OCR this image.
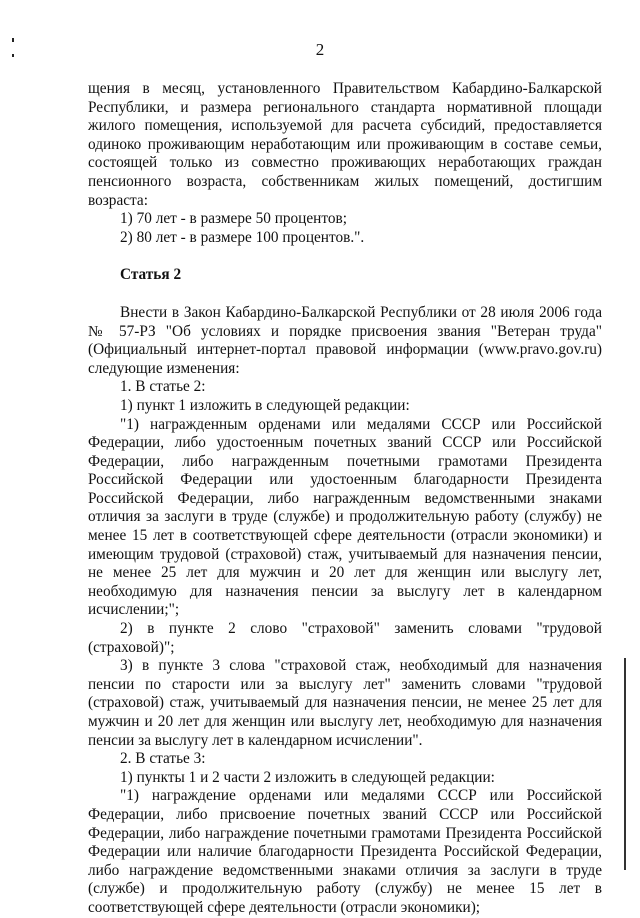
2

щения в месяц, установленного Правительством Кабардино-Балкарской Республики, и размера регионального стандарта нормативной площади жилого помещения, используемой для расчета субсидий, предоставляется одиноко проживающим неработающим или проживающим в составе семьи, состоящей только из совместно проживающих неработающих граждан пенсионного возраста, собственникам жилых помещений, достигшим возраста:

1) 70 лет - в размере 50 процентов;

2) 80 лет - в размере 100 процентов.".

Статья 2

Внести в Закон Кабардино-Балкарской Республики от 28 июля 2006 года № 57-РЗ "Об условиях и порядке присвоения звания "Ветеран труда" (Официальный интернет-портал правовой информации (www.pravo.gov.ru) следующие изменения:

1. В статье 2:

1) пункт 1 изложить в следующей редакции:

"1) награжденным орденами или медалями СССР или Российской Федерации, либо удостоенным почетных званий СССР или Российской Федерации, либо награжденным почетными грамотами Президента Российской Федерации или удостоенным благодарности Президента Российской Федерации, либо награжденным ведомственными знаками отличия за заслуги в труде (службе) и продолжительную работу (службу) не менее 15 лет в соответствующей сфере деятельности (отрасли экономики) и имеющим трудовой (страховой) стаж, учитываемый для назначения пенсии, не менее 25 лет для мужчин и 20 лет для женщин или выслугу лет, необходимую для назначения пенсии за выслугу лет в календарном исчислении;";

2) в пункте 2 слово "страховой" заменить словами "трудовой (страховой)";

3) в пункте 3 слова "страховой стаж, необходимый для назначения пенсии по старости или за выслугу лет" заменить словами "трудовой (страховой) стаж, учитываемый для назначения пенсии, не менее 25 лет для мужчин и 20 лет для женщин или выслугу лет, необходимую для назначения пенсии за выслугу лет в календарном исчислении".

2. В статье 3:

1) пункты 1 и 2 части 2 изложить в следующей редакции:

"1) награждение орденами или медалями СССР или Российской Федерации, либо присвоение почетных званий СССР или Российской Федерации, либо награждение почетными грамотами Президента Российской Федерации или наличие благодарности Президента Российской Федерации, либо награждение ведомственными знаками отличия за заслуги в труде (службе) и продолжительную работу (службу) не менее 15 лет в соответствующей сфере деятельности (отрасли экономики);
